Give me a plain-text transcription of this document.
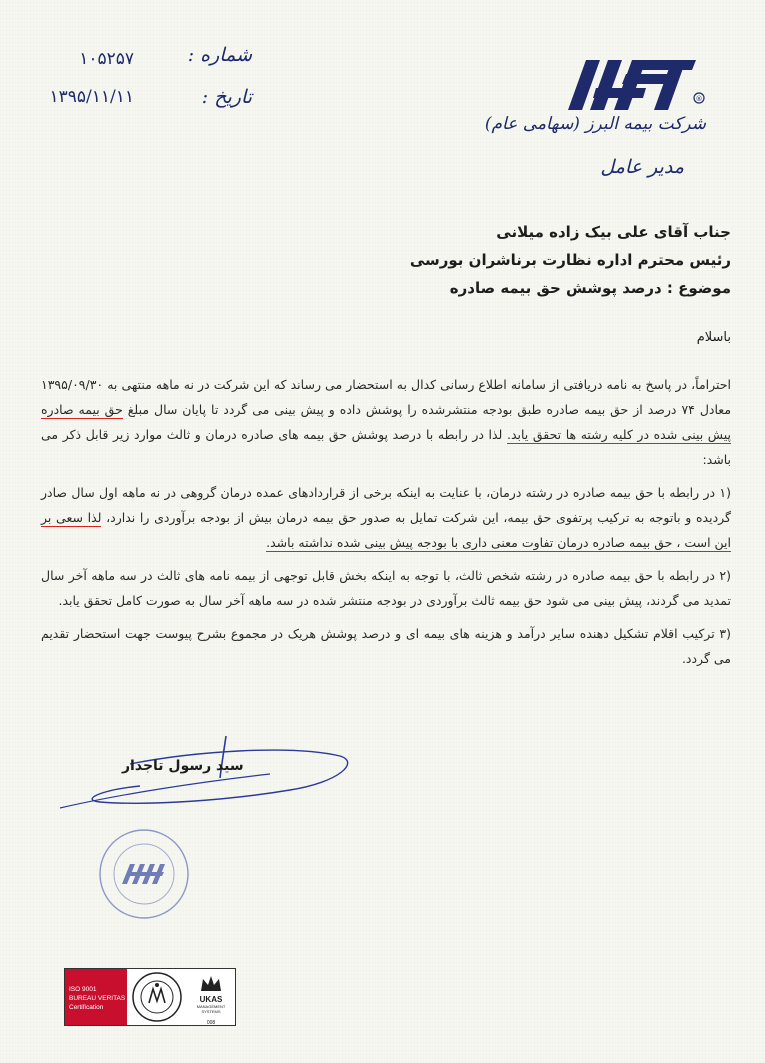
شماره :
تاریخ :
۱۰۵۲۵۷
۱۳۹۵/۱۱/۱۱	®
شرکت بیمه البرز (سهامی عام)
مدیر عامل
جناب آقای علی بیک زاده میلانی
رئیس محترم اداره نظارت برناشران بورسی
موضوع : درصد پوشش حق بیمه صادره
باسلام

احتراماً، در پاسخ به نامه دریافتی از سامانه اطلاع رسانی کدال به استحضار می رساند که این شرکت در نه ماهه منتهی به ۱۳۹۵/۰۹/۳۰ معادل ۷۴ درصد از حق بیمه صادره طبق بودجه منتشرشده را پوشش داده و پیش بینی می گردد تا پایان سال مبلغ حق بیمه صادره پیش بینی شده در کلیه رشته ها تحقق یابد. لذا در رابطه با درصد پوشش حق بیمه های صادره درمان و ثالث موارد زیر قابل ذکر می باشد:

(۱ در رابطه با حق بیمه صادره در رشته درمان، با عنایت به اینکه برخی از قراردادهای عمده درمان گروهی در نه ماهه اول سال صادر گردیده و باتوجه به ترکیب پرتفوی حق بیمه، این شرکت تمایل به صدور حق بیمه درمان بیش از بودجه برآوردی را ندارد، لذا سعی بر این است ، حق بیمه صادره درمان تفاوت معنی داری با بودجه پیش بینی شده نداشته باشد.
(۲ در رابطه با حق بیمه صادره در رشته شخص ثالث، با توجه به اینکه بخش قابل توجهی از بیمه نامه های ثالث در سه ماهه آخر سال تمدید می گردند، پیش بینی می شود حق بیمه ثالث برآوردی در بودجه منتشر شده در سه ماهه آخر سال به صورت کامل تحقق یابد.
(۳ ترکیب اقلام تشکیل دهنده سایر درآمد و هزینه های بیمه ای و درصد پوشش هریک در مجموع بشرح پیوست جهت استحضار تقدیم می گردد.
سید رسول تاجدار
ISO 9001
BUREAU VERITAS
Certification
UKAS
MANAGEMENT SYSTEMS
008
